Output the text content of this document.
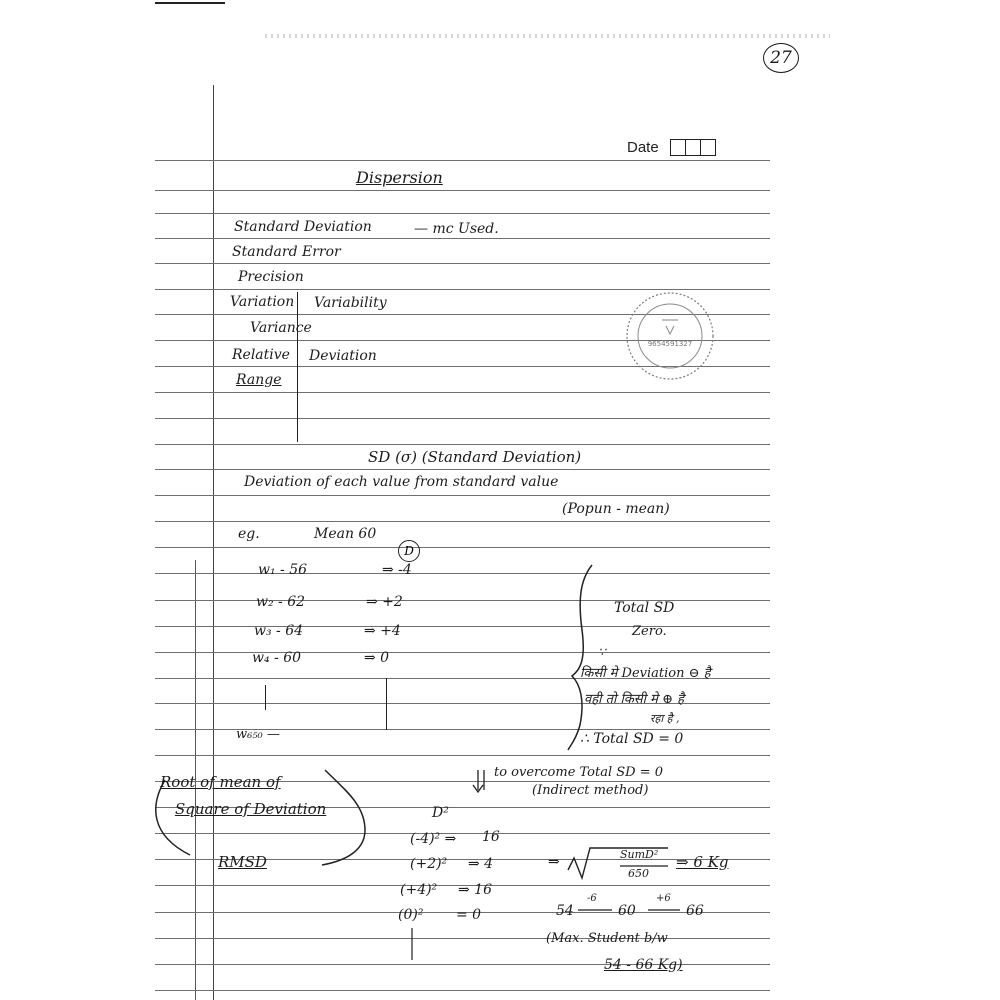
27
Date
Dispersion
Standard Deviation	— mc Used.
Standard Error
Precision
Variation Variability
Variance
Relative Deviation
Range
9654591327
SD (σ) (Standard Deviation)
Deviation of each value from standard value
(Popun - mean)
eg.	Mean 60
D
w₁ - 56	⇒ -4
w₂ - 62	⇒ +2
w₃ - 64	⇒ +4
w₄ - 60	⇒ 0
w₆₅₀ —
Total SD
Zero.
∵
किसी मे Deviation ⊖ है
वही तो किसी मे ⊕ है
रहा है ,
∴ Total SD = 0
to overcome Total SD = 0
(Indirect method)
Root of mean of
Square of Deviation
RMSD
D²
(-4)² ⇒ 16
(+2)² ⇒ 4
(+4)² ⇒ 16
(0)² = 0
⇒	SumD²
650
⇒ 6 Kg
54
-6
60
+6
66
(Max. Student b/w
54 - 66 Kg)
